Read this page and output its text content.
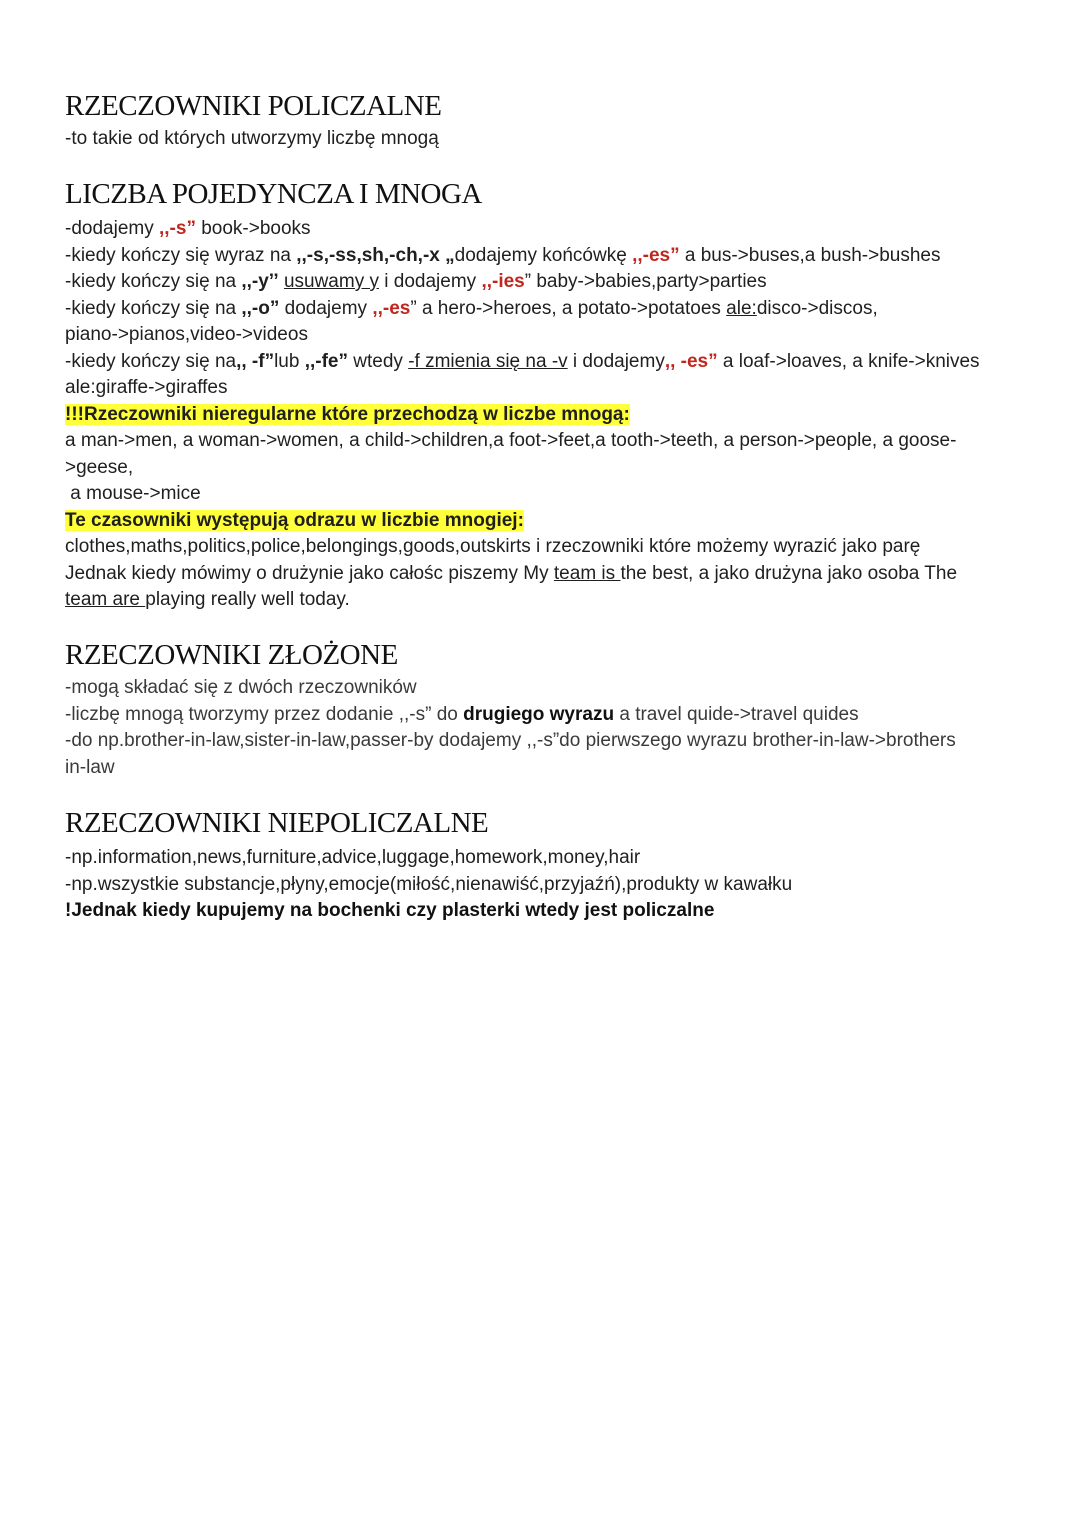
RZECZOWNIKI POLICZALNE
-to takie od których utworzymy liczbę mnogą
LICZBA POJEDYNCZA I MNOGA
-dodajemy ,,-s” book->books
-kiedy kończy się wyraz na ,,-s,-ss,sh,-ch,-x „dodajemy końcówkę ,,-es” a bus->buses,a bush->bushes
-kiedy kończy się na ,,-y’’ usuwamy y i dodajemy ,,-ies” baby->babies,party>parties
-kiedy kończy się na ,,-o” dodajemy ,,-es” a hero->heroes, a potato->potatoes ale:disco->discos,
piano->pianos,video->videos
-kiedy kończy się na,, -f”lub ,,-fe” wtedy -f zmienia się na -v i dodajemy,, -es” a loaf->loaves, a knife->knives
ale:giraffe->giraffes
!!!Rzeczowniki nieregularne które przechodzą w liczbe mnogą:
a man->men, a woman->women, a child->children,a foot->feet,a tooth->teeth, a person->people, a goose-
>geese,
a mouse->mice
Te czasowniki występują odrazu w liczbie mnogiej:
clothes,maths,politics,police,belongings,goods,outskirts i rzeczowniki które możemy wyrazić jako parę
Jednak kiedy mówimy o drużynie jako całośc piszemy My team is the best, a jako drużyna jako osoba The
team are playing really well today.
RZECZOWNIKI ZŁOŻONE
-mogą składać się z dwóch rzeczowników
-liczbę mnogą tworzymy przez dodanie ,,-s” do drugiego wyrazu a travel quide->travel quides
-do np.brother-in-law,sister-in-law,passer-by dodajemy ,,-s”do pierwszego wyrazu brother-in-law->brothers
in-law
RZECZOWNIKI NIEPOLICZALNE
-np.information,news,furniture,advice,luggage,homework,money,hair
-np.wszystkie substancje,płyny,emocje(miłość,nienawiść,przyjaźń),produkty w kawałku
!Jednak kiedy kupujemy na bochenki czy plasterki wtedy jest policzalne
